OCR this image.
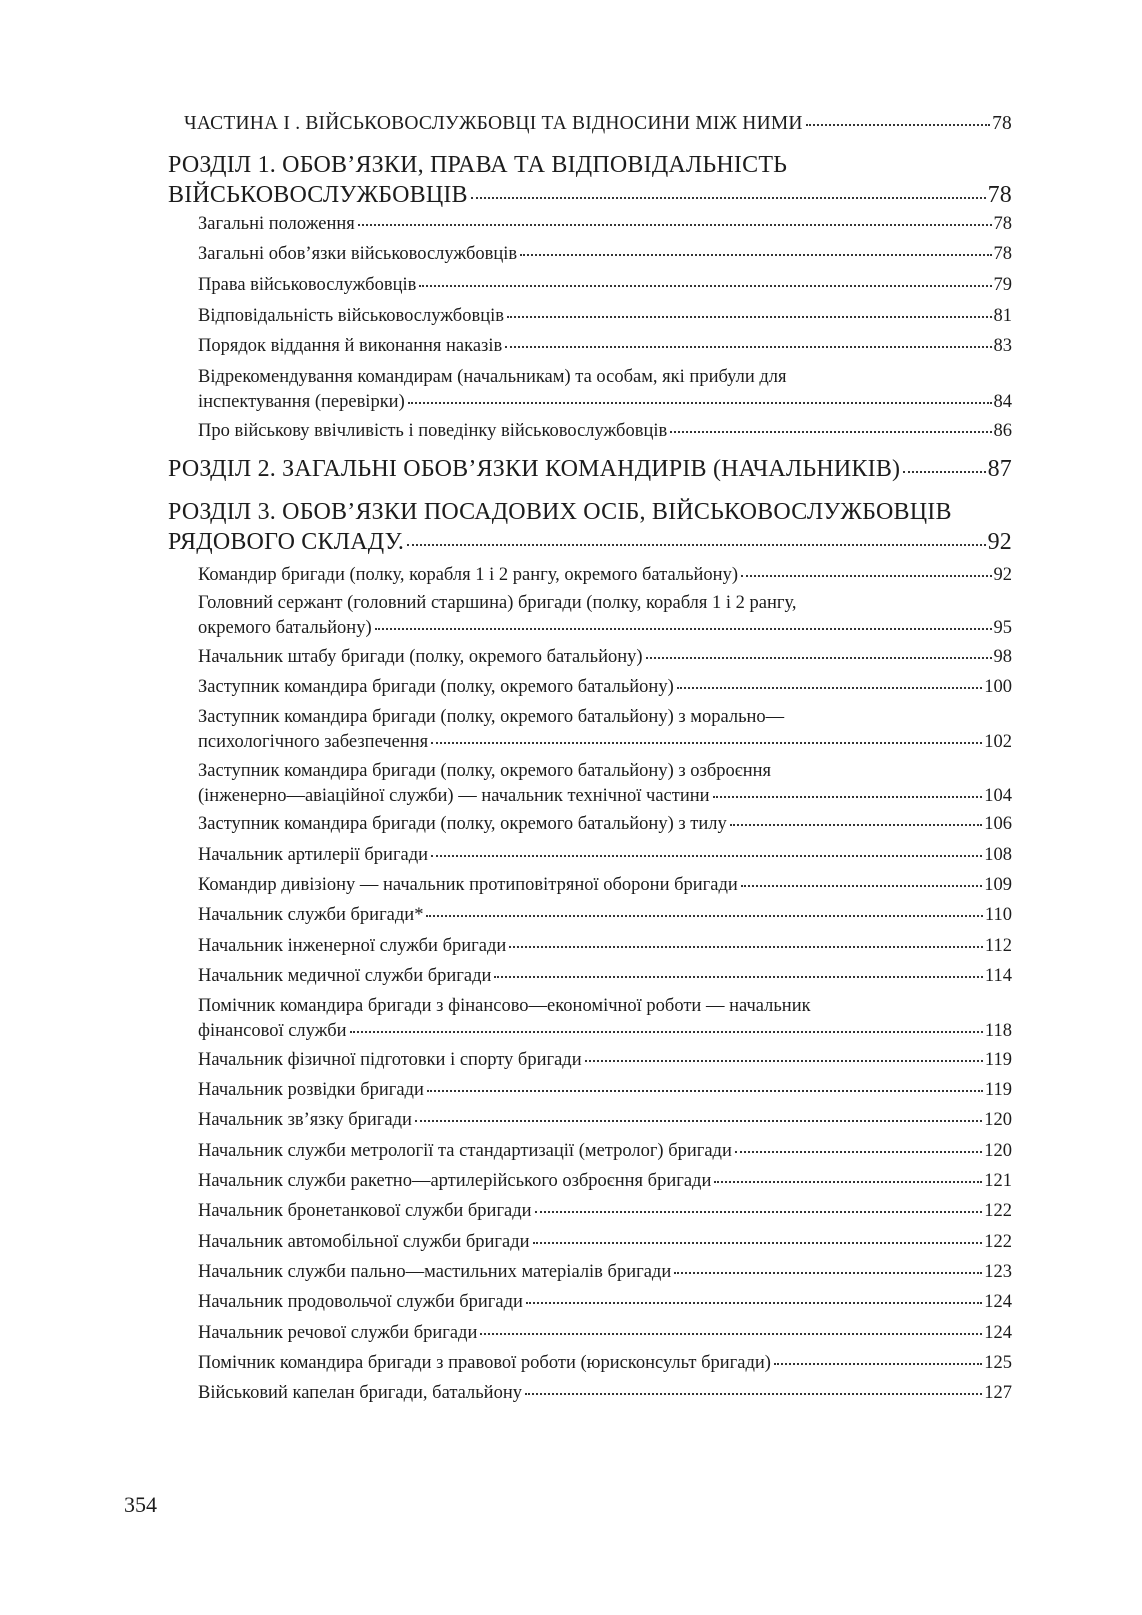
ЧАСТИНА І . ВІЙСЬКОВОСЛУЖБОВЦІ ТА ВІДНОСИНИ МІЖ НИМИ	78
РОЗДІЛ 1. ОБОВ’ЯЗКИ, ПРАВА ТА ВІДПОВІДАЛЬНІСТЬ
ВІЙСЬКОВОСЛУЖБОВЦІВ	78
Загальні положення	78
Загальні обов’язки військовослужбовців	78
Права військовослужбовців	79
Відповідальність військовослужбовців	81
Порядок віддання й виконання наказів	83
Відрекомендування командирам (начальникам) та особам, які прибули для
інспектування (перевірки)	84
Про військову ввічливість і поведінку військовослужбовців	86
РОЗДІЛ 2. ЗАГАЛЬНІ ОБОВ’ЯЗКИ КОМАНДИРІВ (НАЧАЛЬНИКІВ)	87
РОЗДІЛ 3. ОБОВ’ЯЗКИ ПОСАДОВИХ ОСІБ, ВІЙСЬКОВОСЛУЖБОВЦІВ
РЯДОВОГО СКЛАДУ.	92
Командир бригади (полку, корабля 1 і 2 рангу, окремого батальйону)	92
Головний сержант (головний старшина) бригади (полку, корабля 1 і 2 рангу,
окремого батальйону)	95
Начальник штабу бригади (полку, окремого батальйону)	98
Заступник командира бригади (полку, окремого батальйону)	100
Заступник командира бригади (полку, окремого батальйону) з морально—
психологічного забезпечення	102
Заступник командира бригади (полку, окремого батальйону) з озброєння
(інженерно—авіаційної служби) — начальник технічної частини	104
Заступник командира бригади (полку, окремого батальйону) з тилу	106
Начальник артилерії бригади	108
Командир дивізіону — начальник протиповітряної оборони бригади	109
Начальник служби бригади*	110
Начальник інженерної служби бригади	112
Начальник медичної служби бригади	114
Помічник командира бригади з фінансово—економічної роботи — начальник
фінансової служби	118
Начальник фізичної підготовки і спорту бригади	119
Начальник розвідки бригади	119
Начальник зв’язку бригади	120
Начальник служби метрології та стандартизації (метролог) бригади	120
Начальник служби ракетно—артилерійського озброєння бригади	121
Начальник бронетанкової служби бригади	122
Начальник автомобільної служби бригади	122
Начальник служби пально—мастильних матеріалів бригади	123
Начальник продовольчої служби бригади	124
Начальник речової служби бригади	124
Помічник командира бригади з правової роботи (юрисконсульт бригади)	125
Військовий капелан бригади, батальйону	127
354
